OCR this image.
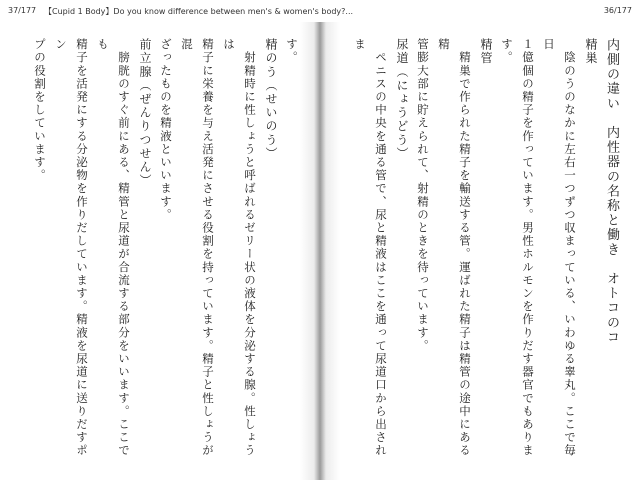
37/177 【Cupid 1 Body】Do you know difference between men's & women's body?...	36/177

内側の違い　内性器の名称と働き　オトコのコ

精巣

　陰のうのなかに左右一つずつ収まっている、いわゆる睾丸。ここで毎日

１億個の精子を作っています。男性ホルモンを作りだす器官でもあります。

精管

　精巣で作られた精子を輸送する管。運ばれた精子は精管の途中にある精

管膨大部に貯えられて、射精のときを待っています。

尿道（にょうどう）

　ペニスの中央を通る管で、尿と精液はここを通って尿道口から出されま

す。

精のう（せいのう）

　射精時に性しょうと呼ばれるゼリー状の液体を分泌する腺。性しょうは

精子に栄養を与え活発にさせる役割を持っています。精子と性しょうが混

ざったものを精液といいます。

前立腺（ぜんりつせん）

　膀胱のすぐ前にある、精管と尿道が合流する部分をいいます。ここでも

精子を活発にする分泌物を作りだしています。精液を尿道に送りだすポン

プの役割をしています。
